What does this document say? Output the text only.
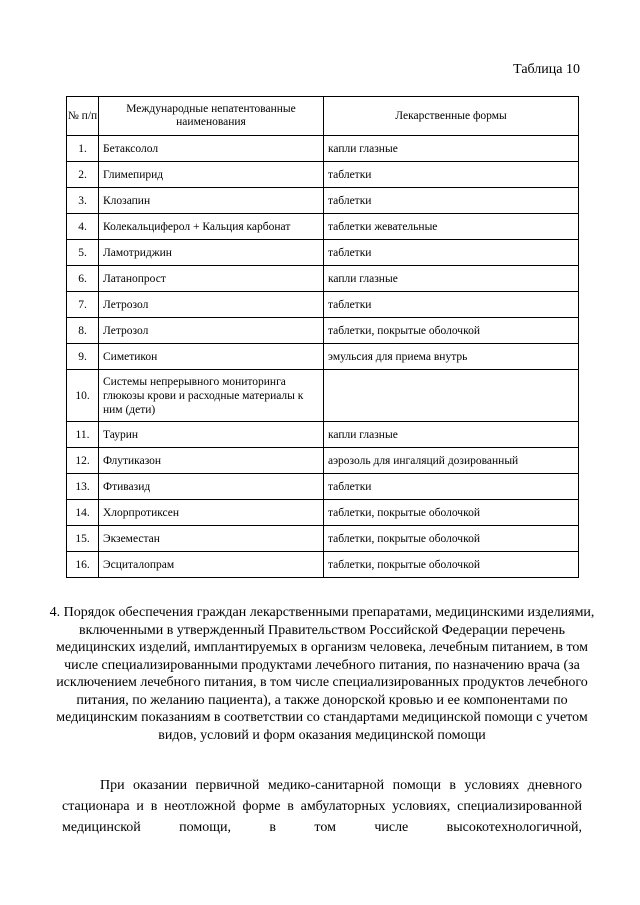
Таблица 10
№ п/п	Международные непатентованные наименования	Лекарственные формы
1.	Бетаксолол	капли глазные
2.	Глимепирид	таблетки
3.	Клозапин	таблетки
4.	Колекальциферол + Кальция карбонат	таблетки жевательные
5.	Ламотриджин	таблетки
6.	Латанопрост	капли глазные
7.	Летрозол	таблетки
8.	Летрозол	таблетки, покрытые оболочкой
9.	Симетикон	эмульсия для приема внутрь
10.	Системы непрерывного мониторинга глюкозы крови и расходные материалы к ним (дети)	
11.	Таурин	капли глазные
12.	Флутиказон	аэрозоль для ингаляций дозированный
13.	Фтивазид	таблетки
14.	Хлорпротиксен	таблетки, покрытые оболочкой
15.	Экземестан	таблетки, покрытые оболочкой
16.	Эсциталопрам	таблетки, покрытые оболочкой
4. Порядок обеспечения граждан лекарственными препаратами, медицинскими изделиями, включенными в утвержденный Правительством Российской Федерации перечень медицинских изделий, имплантируемых в организм человека, лечебным питанием, в том числе специализированными продуктами лечебного питания, по назначению врача (за исключением лечебного питания, в том числе специализированных продуктов лечебного питания, по желанию пациента), а также донорской кровью и ее компонентами по медицинским показаниям в соответствии со стандартами медицинской помощи с учетом видов, условий и форм оказания медицинской помощи
При оказании первичной медико-санитарной помощи в условиях дневного стационара и в неотложной форме в амбулаторных условиях, специализированной медицинской помощи, в том числе высокотехнологичной,
